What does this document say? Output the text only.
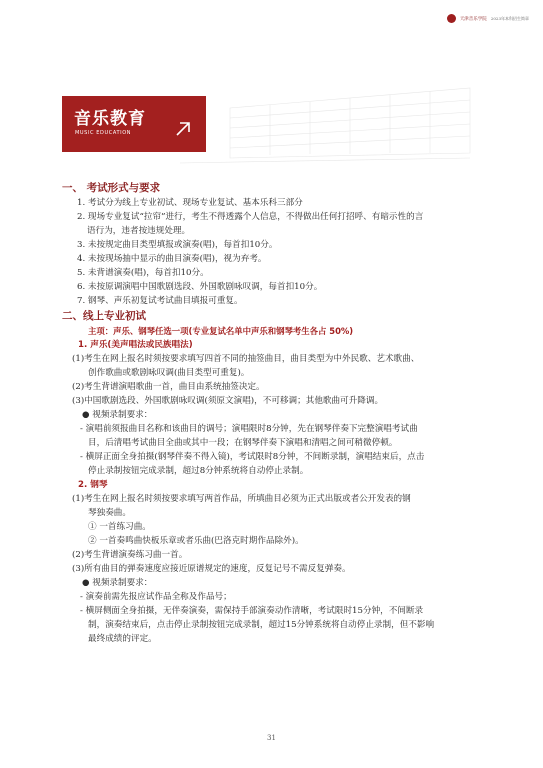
天津音乐学院 2023年本科招生简章
音乐教育
MUSIC EDUCATION
一、 考试形式与要求
1. 考试分为线上专业初试、现场专业复试、基本乐科三部分
2. 现场专业复试“拉帘”进行，考生不得透露个人信息，不得做出任何打招呼、有暗示性的言
语行为，违者按违规处理。
3. 未按规定曲目类型填报或演奏(唱)，每首扣10分。
4. 未按现场抽中显示的曲目演奏(唱)，视为弃考。
5. 未背谱演奏(唱)，每首扣10分。
6. 未按原调演唱中国歌剧选段、外国歌剧咏叹调，每首扣10分。
7. 钢琴、声乐初复试考试曲目填报可重复。
二、线上专业初试
主项：声乐、钢琴任选一项(专业复试名单中声乐和钢琴考生各占 50%)
1. 声乐(美声唱法或民族唱法)
(1)考生在网上报名时须按要求填写四首不同的抽签曲目，曲目类型为中外民歌、艺术歌曲、
创作歌曲或歌剧咏叹调(曲目类型可重复)。
(2)考生背谱演唱歌曲一首，曲目由系统抽签决定。
(3)中国歌剧选段、外国歌剧咏叹调(须原文演唱)，不可移调；其他歌曲可升降调。
● 视频录制要求：
- 演唱前须报曲目名称和该曲目的调号；演唱限时8分钟，先在钢琴伴奏下完整演唱考试曲
目，后清唱考试曲目全曲或其中一段；在钢琴伴奏下演唱和清唱之间可稍微停顿。
- 横屏正面全身拍摄(钢琴伴奏不得入镜)，考试限时8分钟，不间断录制，演唱结束后，点击
停止录制按钮完成录制，超过8分钟系统将自动停止录制。
2. 钢琴
(1)考生在网上报名时须按要求填写两首作品，所填曲目必须为正式出版或者公开发表的钢
琴独奏曲。
① 一首练习曲。
② 一首奏鸣曲快板乐章或者乐曲(巴洛克时期作品除外)。
(2)考生背谱演奏练习曲一首。
(3)所有曲目的弹奏速度应接近原谱规定的速度，反复记号不需反复弹奏。
● 视频录制要求：
- 演奏前需先报应试作品全称及作品号；
- 横屏侧面全身拍摄，无伴奏演奏，需保持手部演奏动作清晰，考试限时15分钟，不间断录
制，演奏结束后，点击停止录制按钮完成录制，超过15分钟系统将自动停止录制，但不影响
最终成绩的评定。
31
